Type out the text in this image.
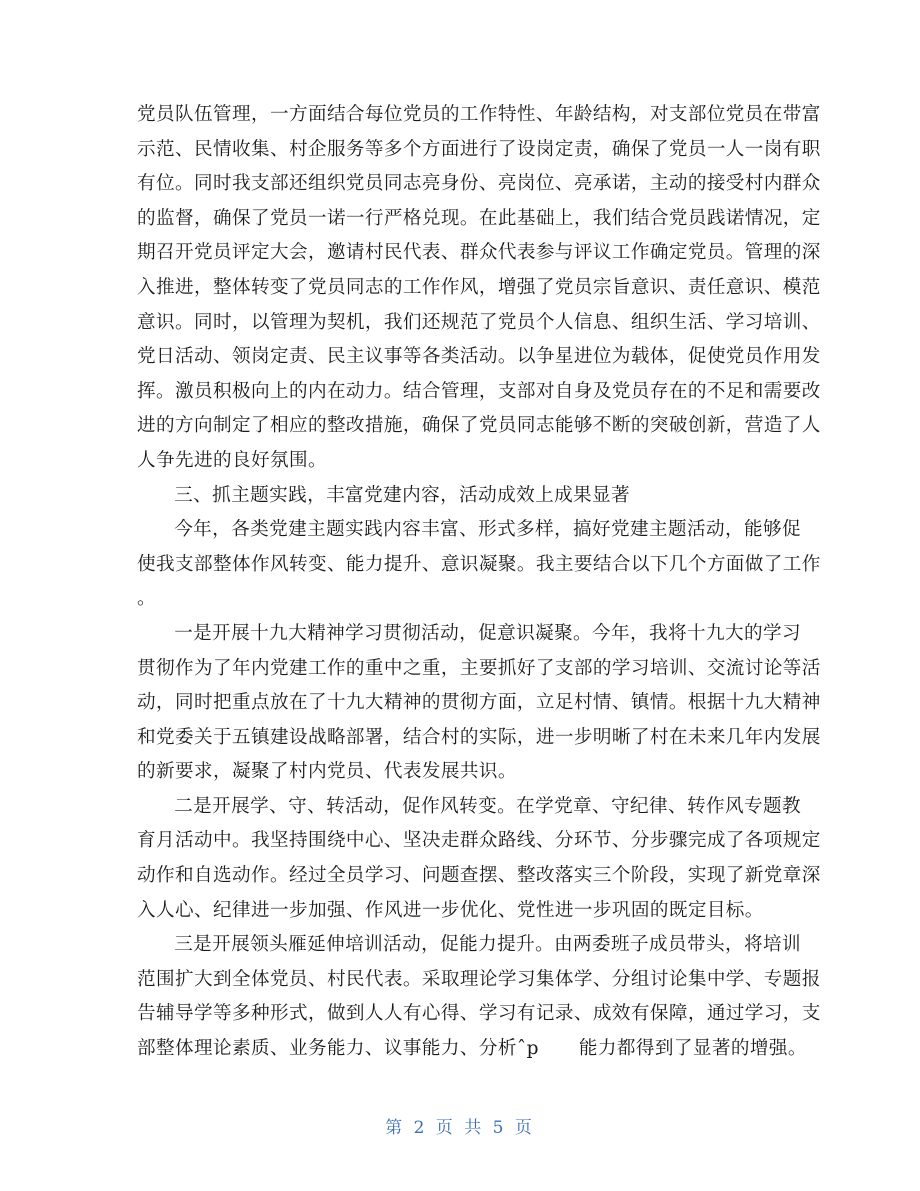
党员队伍管理，一方面结合每位党员的工作特性、年龄结构，对支部位党员在带富
示范、民情收集、村企服务等多个方面进行了设岗定责，确保了党员一人一岗有职
有位。同时我支部还组织党员同志亮身份、亮岗位、亮承诺，主动的接受村内群众
的监督，确保了党员一诺一行严格兑现。在此基础上，我们结合党员践诺情况，定
期召开党员评定大会，邀请村民代表、群众代表参与评议工作确定党员。管理的深
入推进，整体转变了党员同志的工作作风，增强了党员宗旨意识、责任意识、模范
意识。同时，以管理为契机，我们还规范了党员个人信息、组织生活、学习培训、
党日活动、领岗定责、民主议事等各类活动。以争星进位为载体，促使党员作用发
挥。激员积极向上的内在动力。结合管理，支部对自身及党员存在的不足和需要改
进的方向制定了相应的整改措施，确保了党员同志能够不断的突破创新，营造了人
人争先进的良好氛围。

三、抓主题实践，丰富党建内容，活动成效上成果显著

今年，各类党建主题实践内容丰富、形式多样，搞好党建主题活动，能够促
使我支部整体作风转变、能力提升、意识凝聚。我主要结合以下几个方面做了工作
。

一是开展十九大精神学习贯彻活动，促意识凝聚。今年，我将十九大的学习
贯彻作为了年内党建工作的重中之重，主要抓好了支部的学习培训、交流讨论等活
动，同时把重点放在了十九大精神的贯彻方面，立足村情、镇情。根据十九大精神
和党委关于五镇建设战略部署，结合村的实际，进一步明晰了村在未来几年内发展
的新要求，凝聚了村内党员、代表发展共识。

二是开展学、守、转活动，促作风转变。在学党章、守纪律、转作风专题教
育月活动中。我坚持围绕中心、坚决走群众路线、分环节、分步骤完成了各项规定
动作和自选动作。经过全员学习、问题查摆、整改落实三个阶段，实现了新党章深
入人心、纪律进一步加强、作风进一步优化、党性进一步巩固的既定目标。

三是开展领头雁延伸培训活动，促能力提升。由两委班子成员带头，将培训
范围扩大到全体党员、村民代表。采取理论学习集体学、分组讨论集中学、专题报
告辅导学等多种形式，做到人人有心得、学习有记录、成效有保障，通过学习，支
部整体理论素质、业务能力、议事能力、分析ˆp 能力都得到了显著的增强。

第 2 页 共 5 页
